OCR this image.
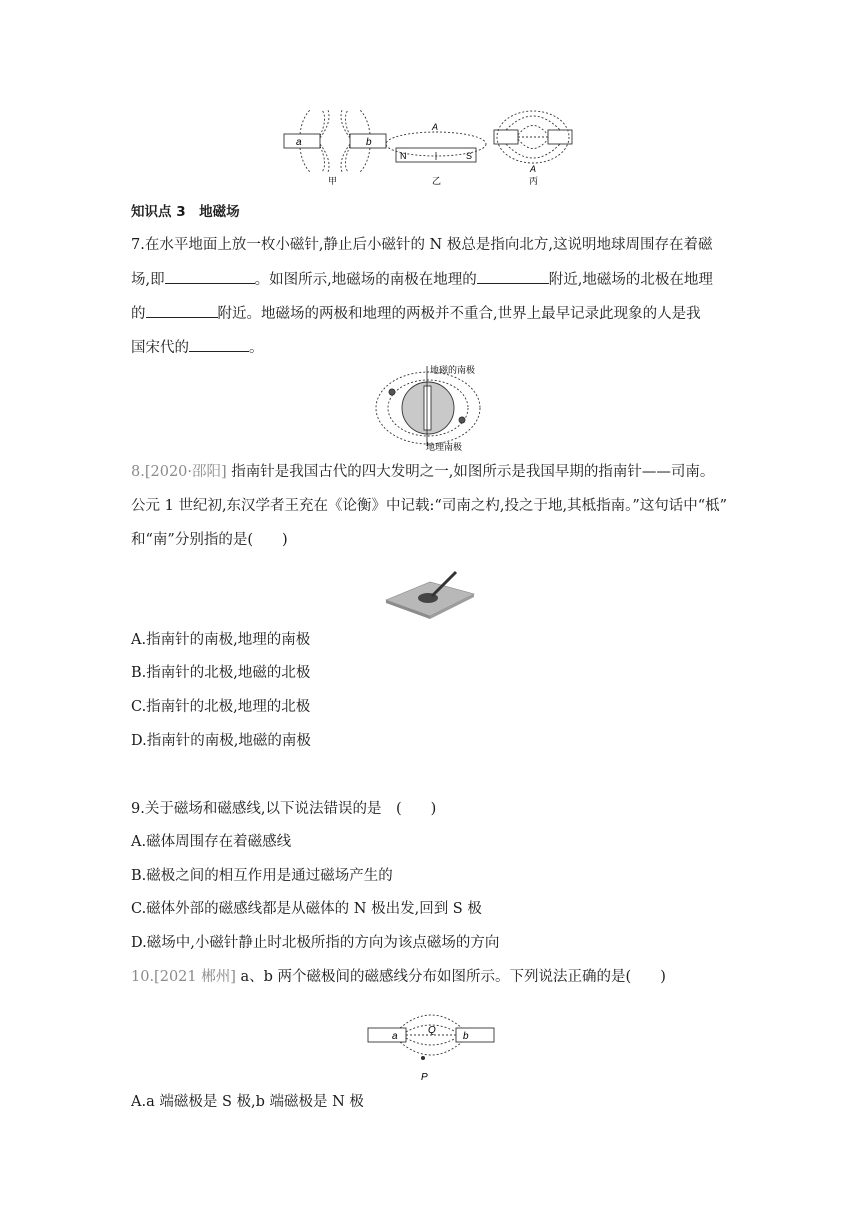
a	b
甲
A
N	S
乙
A
丙
知识点 3　地磁场
7.在水平地面上放一枚小磁针,静止后小磁针的 N 极总是指向北方,这说明地球周围存在着磁
场,即	。如图所示,地磁场的南极在地理的	附近,地磁场的北极在地理
的	附近。地磁场的两极和地理的两极并不重合,世界上最早记录此现象的人是我
国宋代的	。
地磁的南极
地理南极
8.[2020·邵阳] 指南针是我国古代的四大发明之一,如图所示是我国早期的指南针——司南。
公元 1 世纪初,东汉学者王充在《论衡》中记载:“司南之杓,投之于地,其柢指南。”这句话中“柢”
和“南”分别指的是(　　)
A.指南针的南极,地理的南极
B.指南针的北极,地磁的北极
C.指南针的北极,地理的北极
D.指南针的南极,地磁的南极
9.关于磁场和磁感线,以下说法错误的是　(　　)
A.磁体周围存在着磁感线
B.磁极之间的相互作用是通过磁场产生的
C.磁体外部的磁感线都是从磁体的 N 极出发,回到 S 极
D.磁场中,小磁针静止时北极所指的方向为该点磁场的方向
10.[2021 郴州] a、b 两个磁极间的磁感线分布如图所示。下列说法正确的是(　　)
a	b
Q
P
A.a 端磁极是 S 极,b 端磁极是 N 极
